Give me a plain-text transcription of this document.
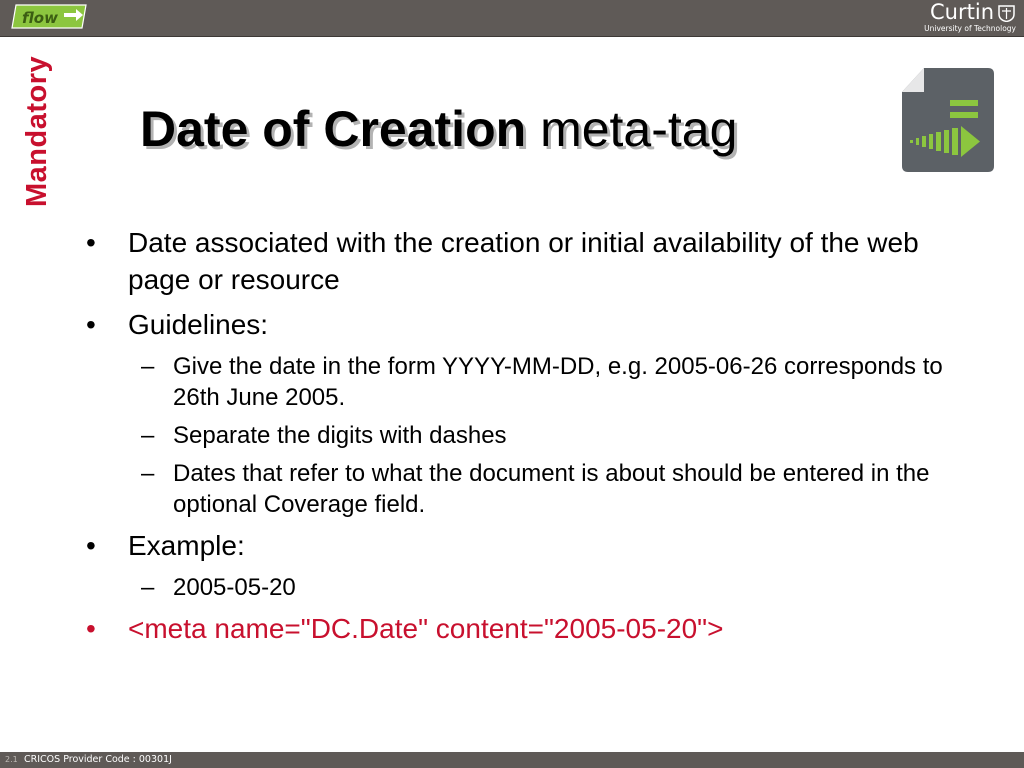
flow	Curtin
University of Technology
Mandatory Date of Creation meta-tag
• Date associated with the creation or initial availability of the web page or resource
• Guidelines:
– Give the date in the form YYYY-MM-DD, e.g. 2005-06-26 corresponds to 26th June 2005.
– Separate the digits with dashes
– Dates that refer to what the document is about should be entered in the optional Coverage field.
• Example:
– 2005-05-20
• <meta name="DC.Date" content="2005-05-20">
2.1 CRICOS Provider Code : 00301J
